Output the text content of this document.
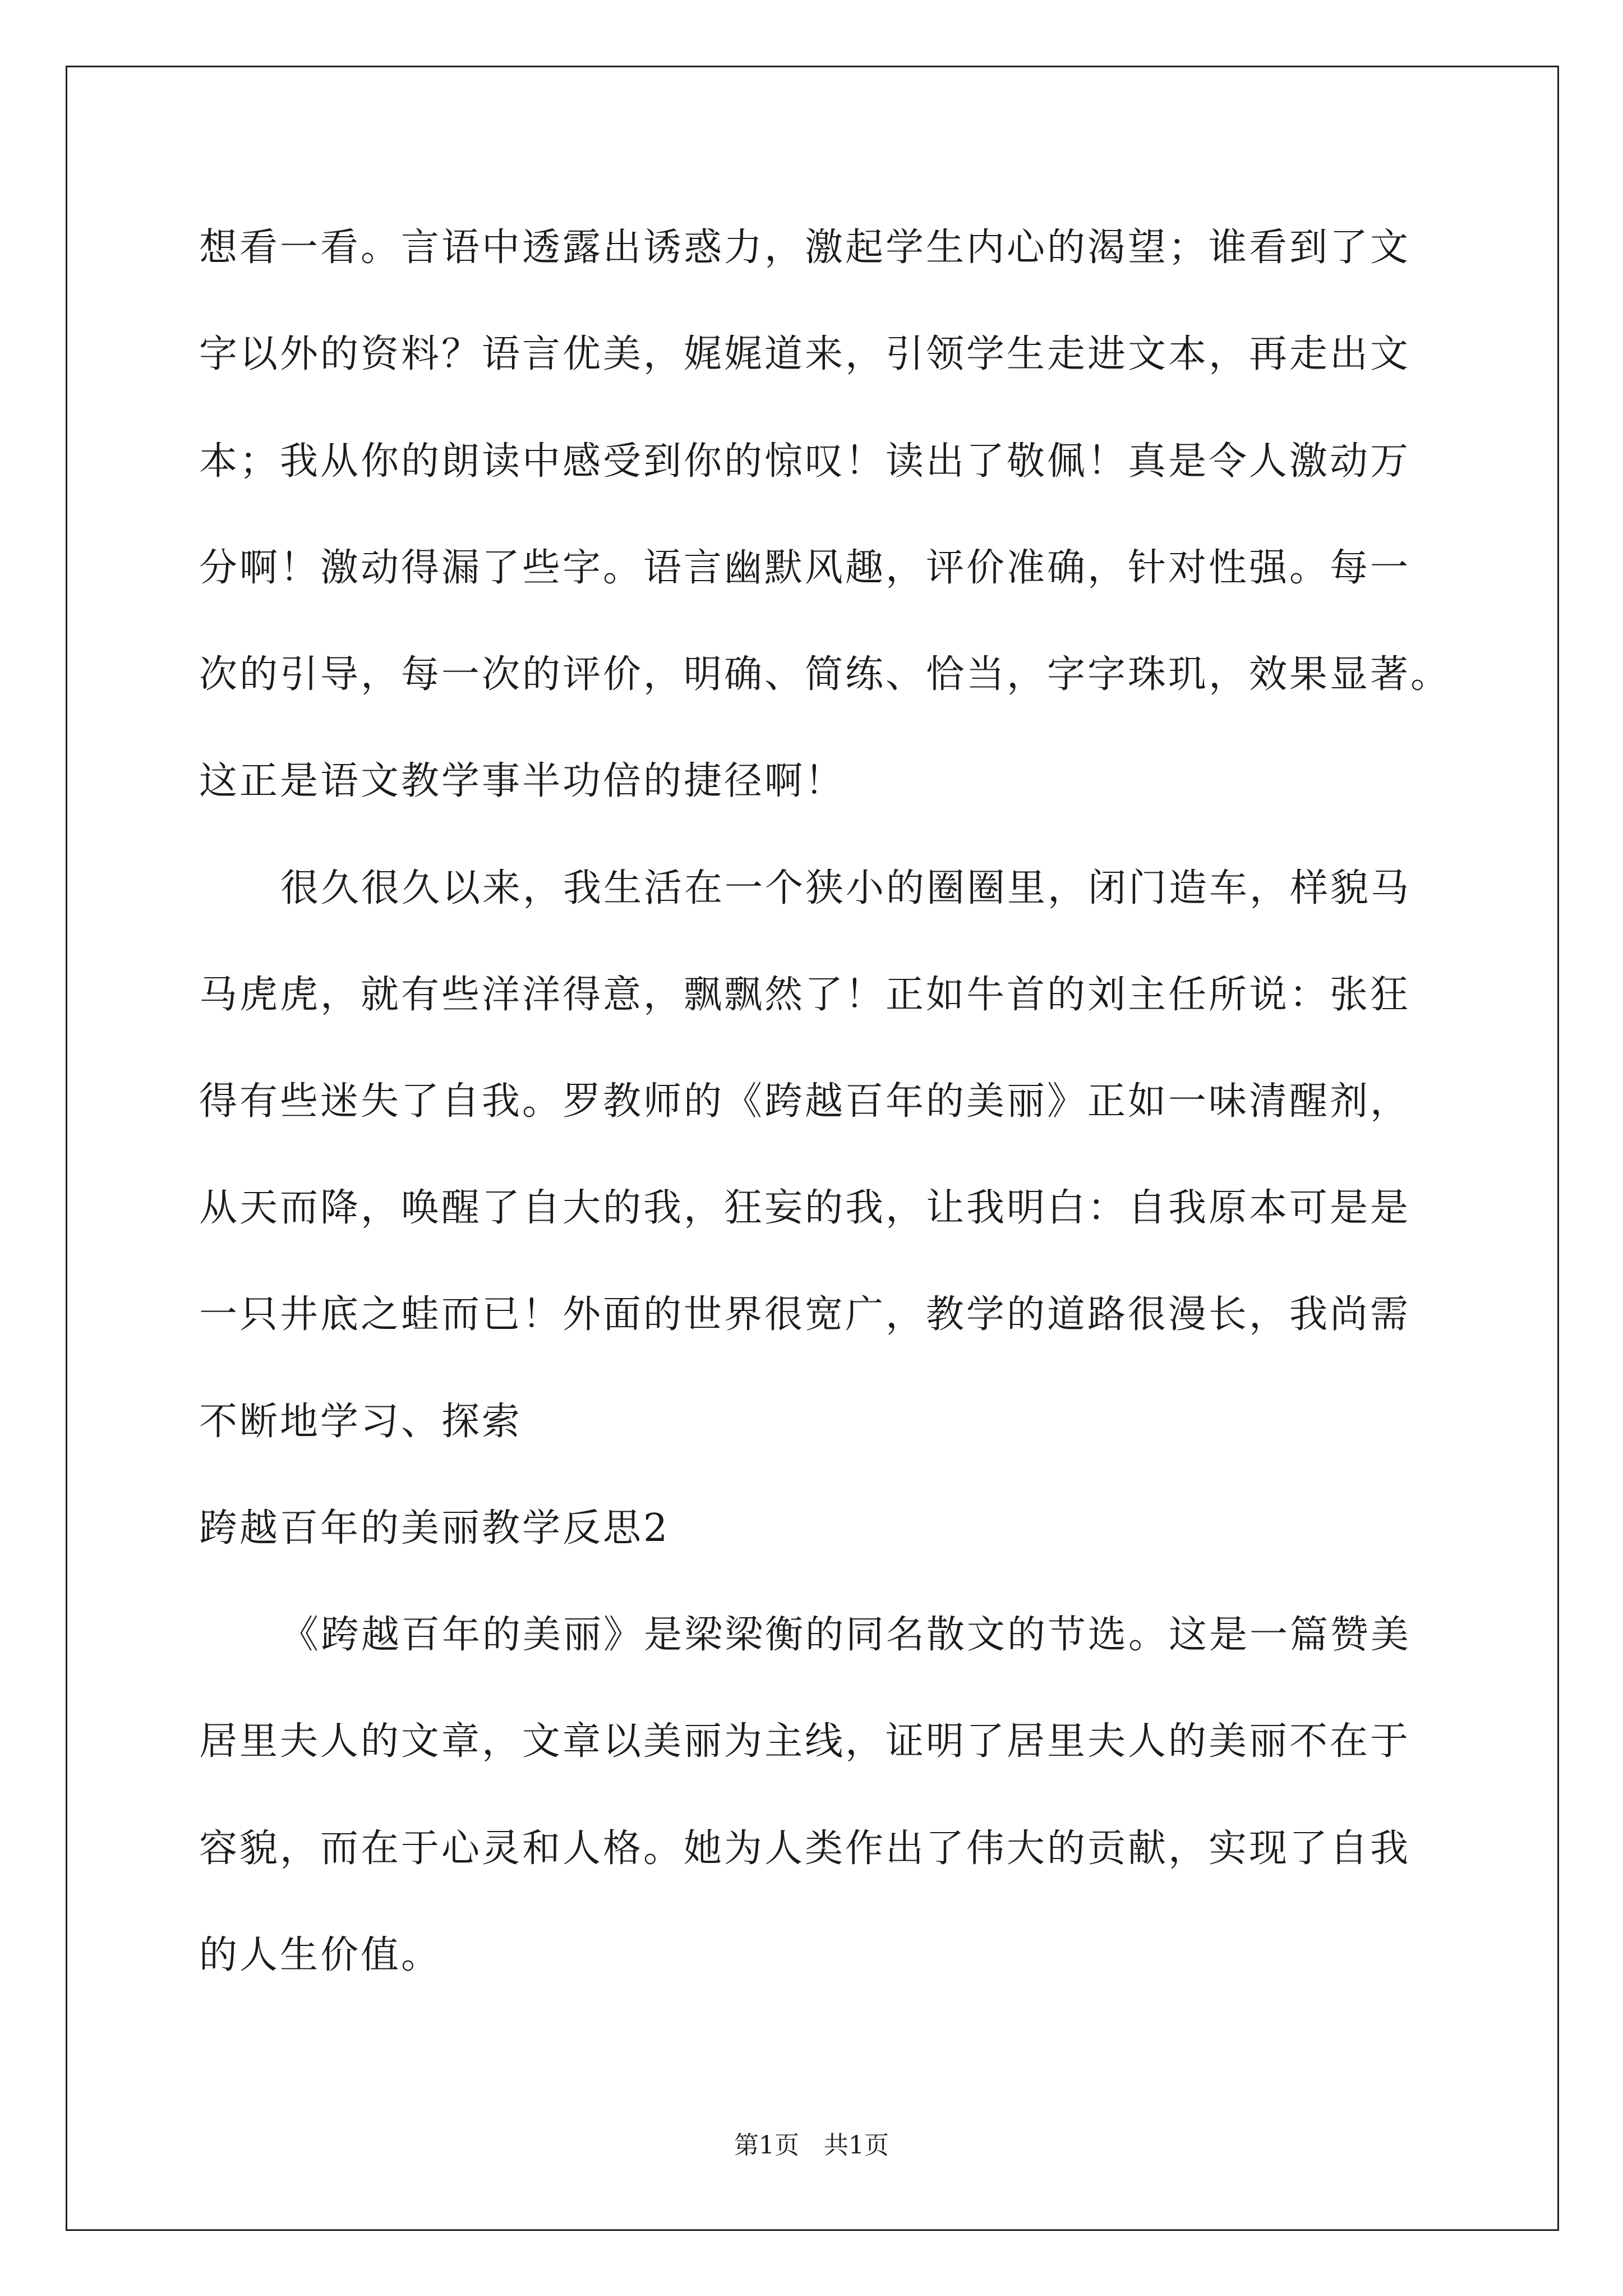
想看一看。言语中透露出诱惑力，激起学生内心的渴望；谁看到了文
字以外的资料？语言优美，娓娓道来，引领学生走进文本，再走出文
本；我从你的朗读中感受到你的惊叹！读出了敬佩！真是令人激动万
分啊！激动得漏了些字。语言幽默风趣，评价准确，针对性强。每一
次的引导，每一次的评价，明确、简练、恰当，字字珠玑，效果显著。
这正是语文教学事半功倍的捷径啊！
很久很久以来，我生活在一个狭小的圈圈里，闭门造车，样貌马
马虎虎，就有些洋洋得意，飘飘然了！正如牛首的刘主任所说：张狂
得有些迷失了自我。罗教师的《跨越百年的美丽》正如一味清醒剂，
从天而降，唤醒了自大的我，狂妄的我，让我明白：自我原本可是是
一只井底之蛙而已！外面的世界很宽广，教学的道路很漫长，我尚需
不断地学习、探索
跨越百年的美丽教学反思2
《跨越百年的美丽》是梁梁衡的同名散文的节选。这是一篇赞美
居里夫人的文章，文章以美丽为主线，证明了居里夫人的美丽不在于
容貌，而在于心灵和人格。她为人类作出了伟大的贡献，实现了自我
的人生价值。
第1页　共1页
